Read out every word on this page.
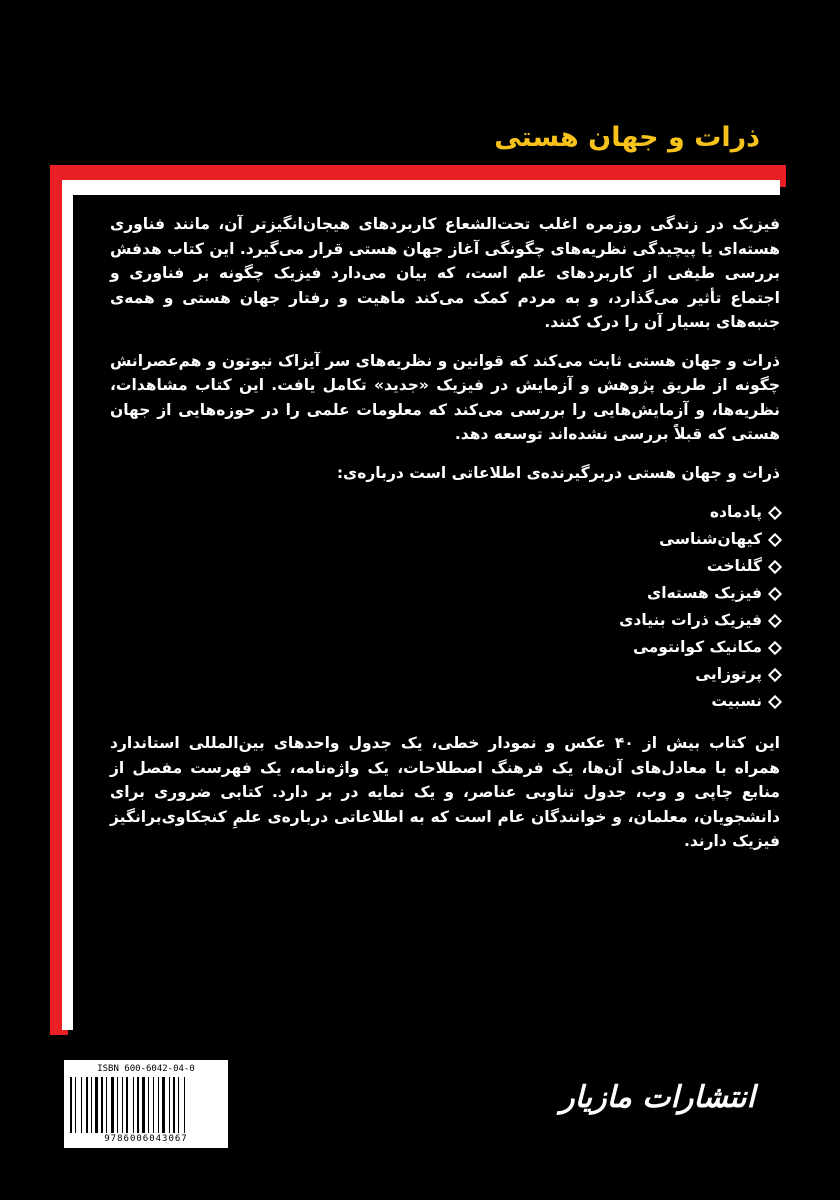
ذرات و جهان هستی

فیزیک در زندگی روزمره اغلب تحت‌الشعاع کاربردهای هیجان‌انگیزتر آن، مانند فناوری هسته‌ای یا پیچیدگی نظریه‌های چگونگی آغاز جهان هستی قرار می‌گیرد. این کتاب هدفش بررسی طیفی از کاربردهای علم است، که بیان می‌دارد فیزیک چگونه بر فناوری و اجتماع تأثیر می‌گذارد، و به مردم کمک می‌کند ماهیت و رفتار جهان هستی و همه‌ی جنبه‌های بسیار آن را درک کنند.

ذرات و جهان هستی ثابت می‌کند که قوانین و نظریه‌های سر آیزاک نیوتون و هم‌عصرانش چگونه از طریق پژوهش و آزمایش در فیزیک «جدید» تکامل یافت. این کتاب مشاهدات، نظریه‌ها، و آزمایش‌هایی را بررسی می‌کند که معلومات علمی را در حوزه‌هایی از جهان هستی که قبلاً بررسی نشده‌اند توسعه دهد.

ذرات و جهان هستی دربرگیرنده‌ی اطلاعاتی است درباره‌ی:

پادماده
کیهان‌شناسی
گلناخت
فیزیک هسته‌ای
فیزیک ذرات بنیادی
مکانیک کوانتومی
پرتوزایی
نسبیت

این کتاب بیش از ۴۰ عکس و نمودار خطی، یک جدول واحدهای بین‌المللی استاندارد همراه با معادل‌های آن‌ها، یک فرهنگ اصطلاحات، یک واژه‌نامه، یک فهرست مفصل از منابع چاپی و وب، جدول تناوبی عناصر، و یک نمایه در بر دارد. کتابی ضروری برای دانشجویان، معلمان، و خوانندگان عام است که به اطلاعاتی درباره‌ی علمِ کنجکاوی‌برانگیز فیزیک دارند.

ISBN 600-6042-04-0
9786006043067
انتشارات مازیار
